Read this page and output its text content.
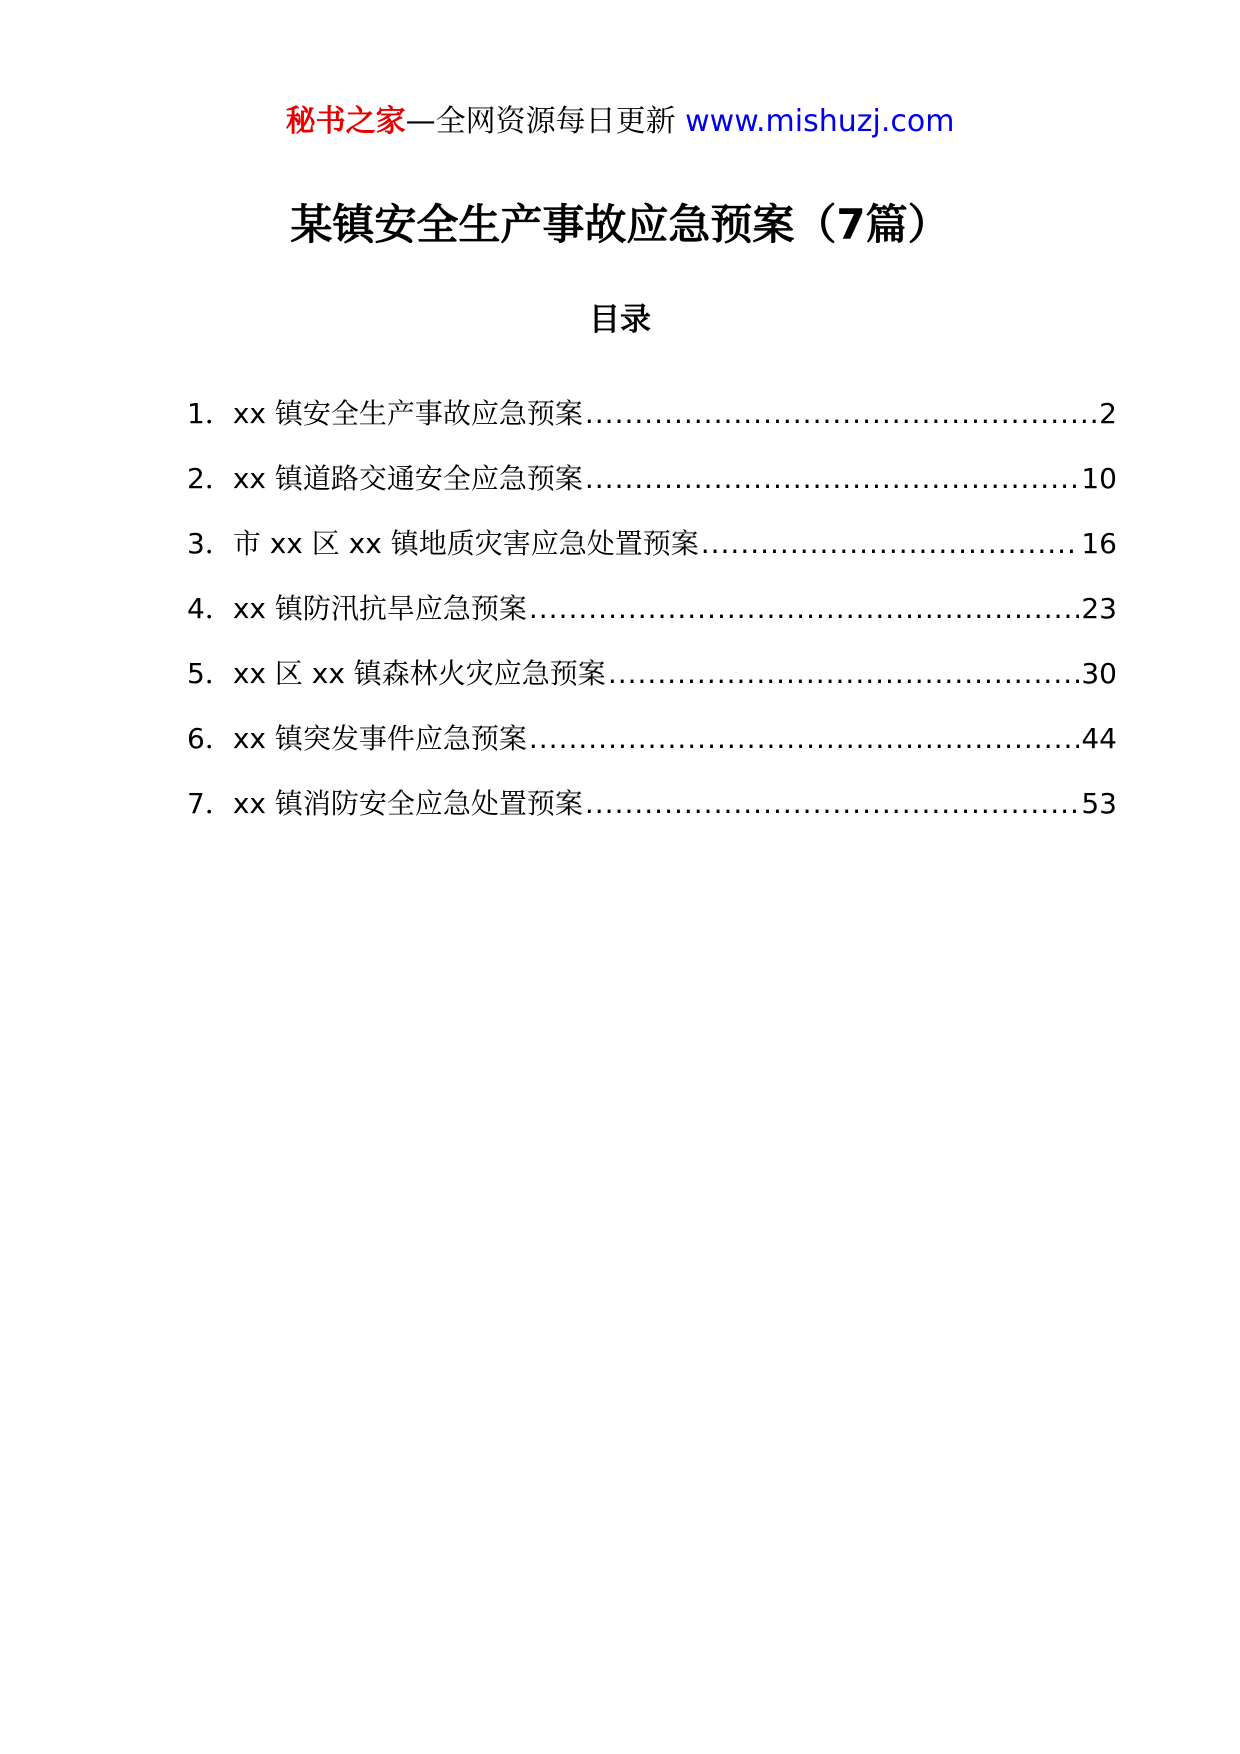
秘书之家—全网资源每日更新 www.mishuzj.com
某镇安全生产事故应急预案（7篇）
目录
1． xx 镇安全生产事故应急预案 .....	2
2． xx 镇道路交通安全应急预案 .....	10
3． 市 xx 区 xx 镇地质灾害应急处置预案 .....	16
4． xx 镇防汛抗旱应急预案 .....	23
5． xx 区 xx 镇森林火灾应急预案 .....	30
6． xx 镇突发事件应急预案 .....	44
7． xx 镇消防安全应急处置预案 .....	53
